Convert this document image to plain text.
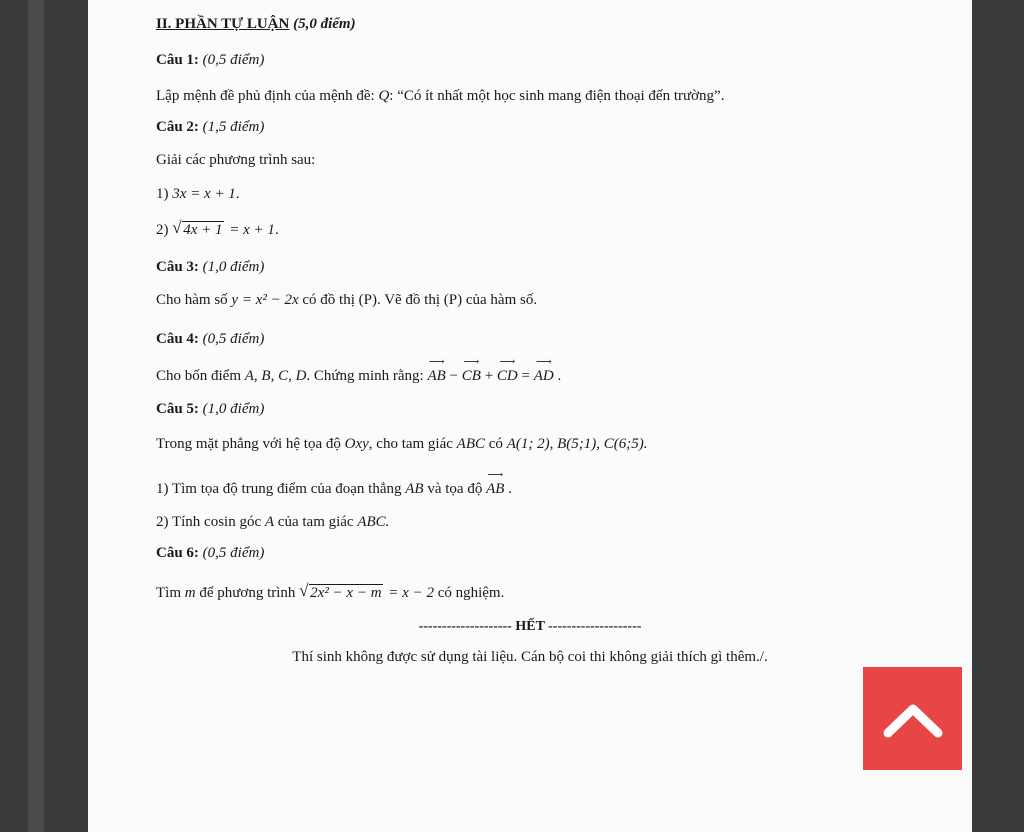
II. PHẦN TỰ LUẬN (5,0 điểm)
Câu 1: (0,5 điểm)
Lập mệnh đề phủ định của mệnh đề: Q: “Có ít nhất một học sinh mang điện thoại đến trường”.
Câu 2: (1,5 điểm)
Giải các phương trình sau:
1) 3x = x + 1.
2) √ 4x + 1 = x + 1.
Câu 3: (1,0 điểm)
Cho hàm số y = x² − 2x có đồ thị (P). Vẽ đồ thị (P) của hàm số.
Câu 4: (0,5 điểm)
Cho bốn điểm A, B, C, D. Chứng minh rằng:
⟶
AB −
⟶
CB +
⟶
CD =
⟶
AD .
Câu 5: (1,0 điểm)
Trong mặt phẳng với hệ tọa độ Oxy, cho tam giác ABC có A(1; 2), B(5;1), C(6;5).
1) Tìm tọa độ trung điểm của đoạn thẳng AB và tọa độ
⟶
AB .
2) Tính cosin góc A của tam giác ABC.
Câu 6: (0,5 điểm)
Tìm m để phương trình √ 2x² − x − m = x − 2 có nghiệm.
-------------------- HẾT --------------------
Thí sinh không được sử dụng tài liệu. Cán bộ coi thi không giải thích gì thêm./.
